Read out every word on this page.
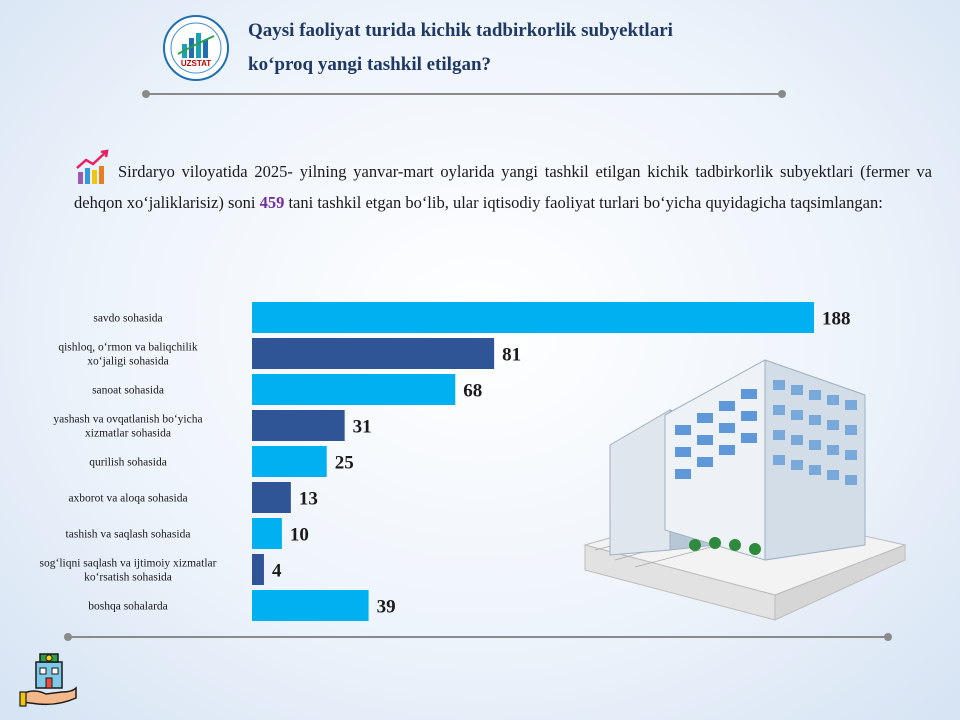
UZSTAT
Qaysi faoliyat turida kichik tadbirkorlik subyektlari
ko‘proq yangi tashkil etilgan?
Sirdaryo viloyatida 2025- yilning yanvar-mart oylarida yangi tashkil etilgan kichik tadbirkorlik subyektlari (fermer va dehqon xo‘jaliklarisiz) soni 459 tani tashkil etgan bo‘lib, ular iqtisodiy faoliyat turlari bo‘yicha quyidagicha taqsimlangan:
188
savdo sohasida
81
qishloq, o‘rmon va baliqchilik xo‘jaligi sohasida
68
sanoat sohasida
31
yashash va ovqatlanish bo‘yicha xizmatlar sohasida
25
qurilish sohasida
13
axborot va aloqa sohasida
10
tashish va saqlash sohasida
4
sog‘liqni saqlash va ijtimoiy xizmatlar ko‘rsatish sohasida
39
boshqa sohalarda
